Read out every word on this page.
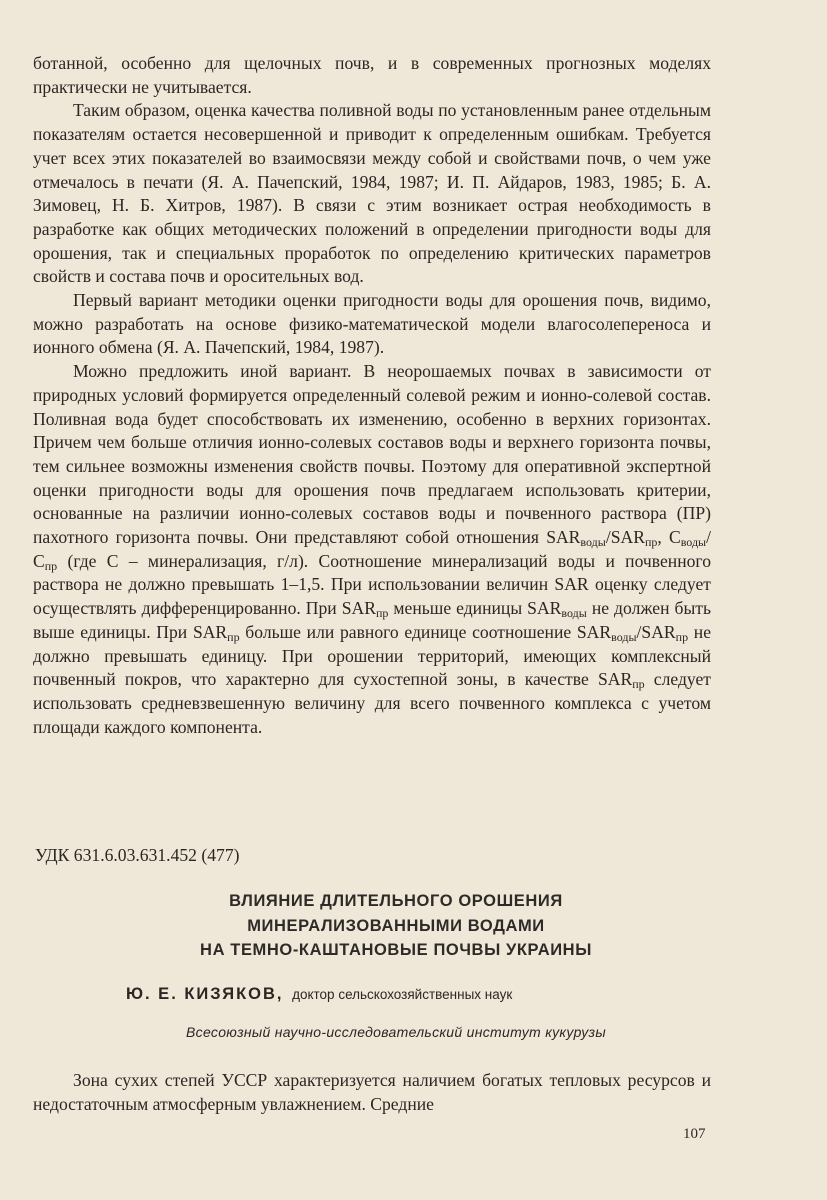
ботанной, особенно для щелочных почв, и в современных прогнозных моделях практически не учитывается.

Таким образом, оценка качества поливной воды по установленным ранее отдельным показателям остается несовершенной и приводит к определенным ошибкам. Требуется учет всех этих показателей во взаимосвязи между собой и свойствами почв, о чем уже отмечалось в печати (Я. А. Пачепский, 1984, 1987; И. П. Айдаров, 1983, 1985; Б. А. Зимовец, Н. Б. Хитров, 1987). В связи с этим возникает острая необходимость в разработке как общих методических положений в определении пригодности воды для орошения, так и специальных проработок по определению критических параметров свойств и состава почв и оросительных вод.

Первый вариант методики оценки пригодности воды для орошения почв, видимо, можно разработать на основе физико-математической модели влагосолепереноса и ионного обмена (Я. А. Пачепский, 1984, 1987).

Можно предложить иной вариант. В неорошаемых почвах в зависимости от природных условий формируется определенный солевой режим и ионно-солевой состав. Поливная вода будет способствовать их изменению, особенно в верхних горизонтах. Причем чем больше отличия ионно-солевых составов воды и верхнего горизонта почвы, тем сильнее возможны изменения свойств почвы. Поэтому для оперативной экспертной оценки пригодности воды для орошения почв предлагаем использовать критерии, основанные на различии ионно-солевых составов воды и почвенного раствора (ПР) пахотного горизонта почвы. Они представляют собой отношения $SAR_{воды}/SAR_{пр}$, $С_{воды}/С_{пр}$ (где С – минерализация, г/л). Соотношение минерализаций воды и почвенного раствора не должно превышать 1–1,5. При использовании величин SAR оценку следует осуществлять дифференцированно. При $SAR_{пр}$ меньше единицы $SAR_{воды}$ не должен быть выше единицы. При $SAR_{пр}$ больше или равного единице соотношение $SAR_{воды}/SAR_{пр}$ не должно превышать единицу. При орошении территорий, имеющих комплексный почвенный покров, что характерно для сухостепной зоны, в качестве $SAR_{пр}$ следует использовать средневзвешенную величину для всего почвенного комплекса с учетом площади каждого компонента.

УДК 631.6.03.631.452 (477)
ВЛИЯНИЕ ДЛИТЕЛЬНОГО ОРОШЕНИЯ
МИНЕРАЛИЗОВАННЫМИ ВОДАМИ
НА ТЕМНО-КАШТАНОВЫЕ ПОЧВЫ УКРАИНЫ
Ю. Е. КИЗЯКОВ, доктор сельскохозяйственных наук
Всесоюзный научно-исследовательский институт кукурузы

Зона сухих степей УССР характеризуется наличием богатых тепловых ресурсов и недостаточным атмосферным увлажнением. Средние

107
